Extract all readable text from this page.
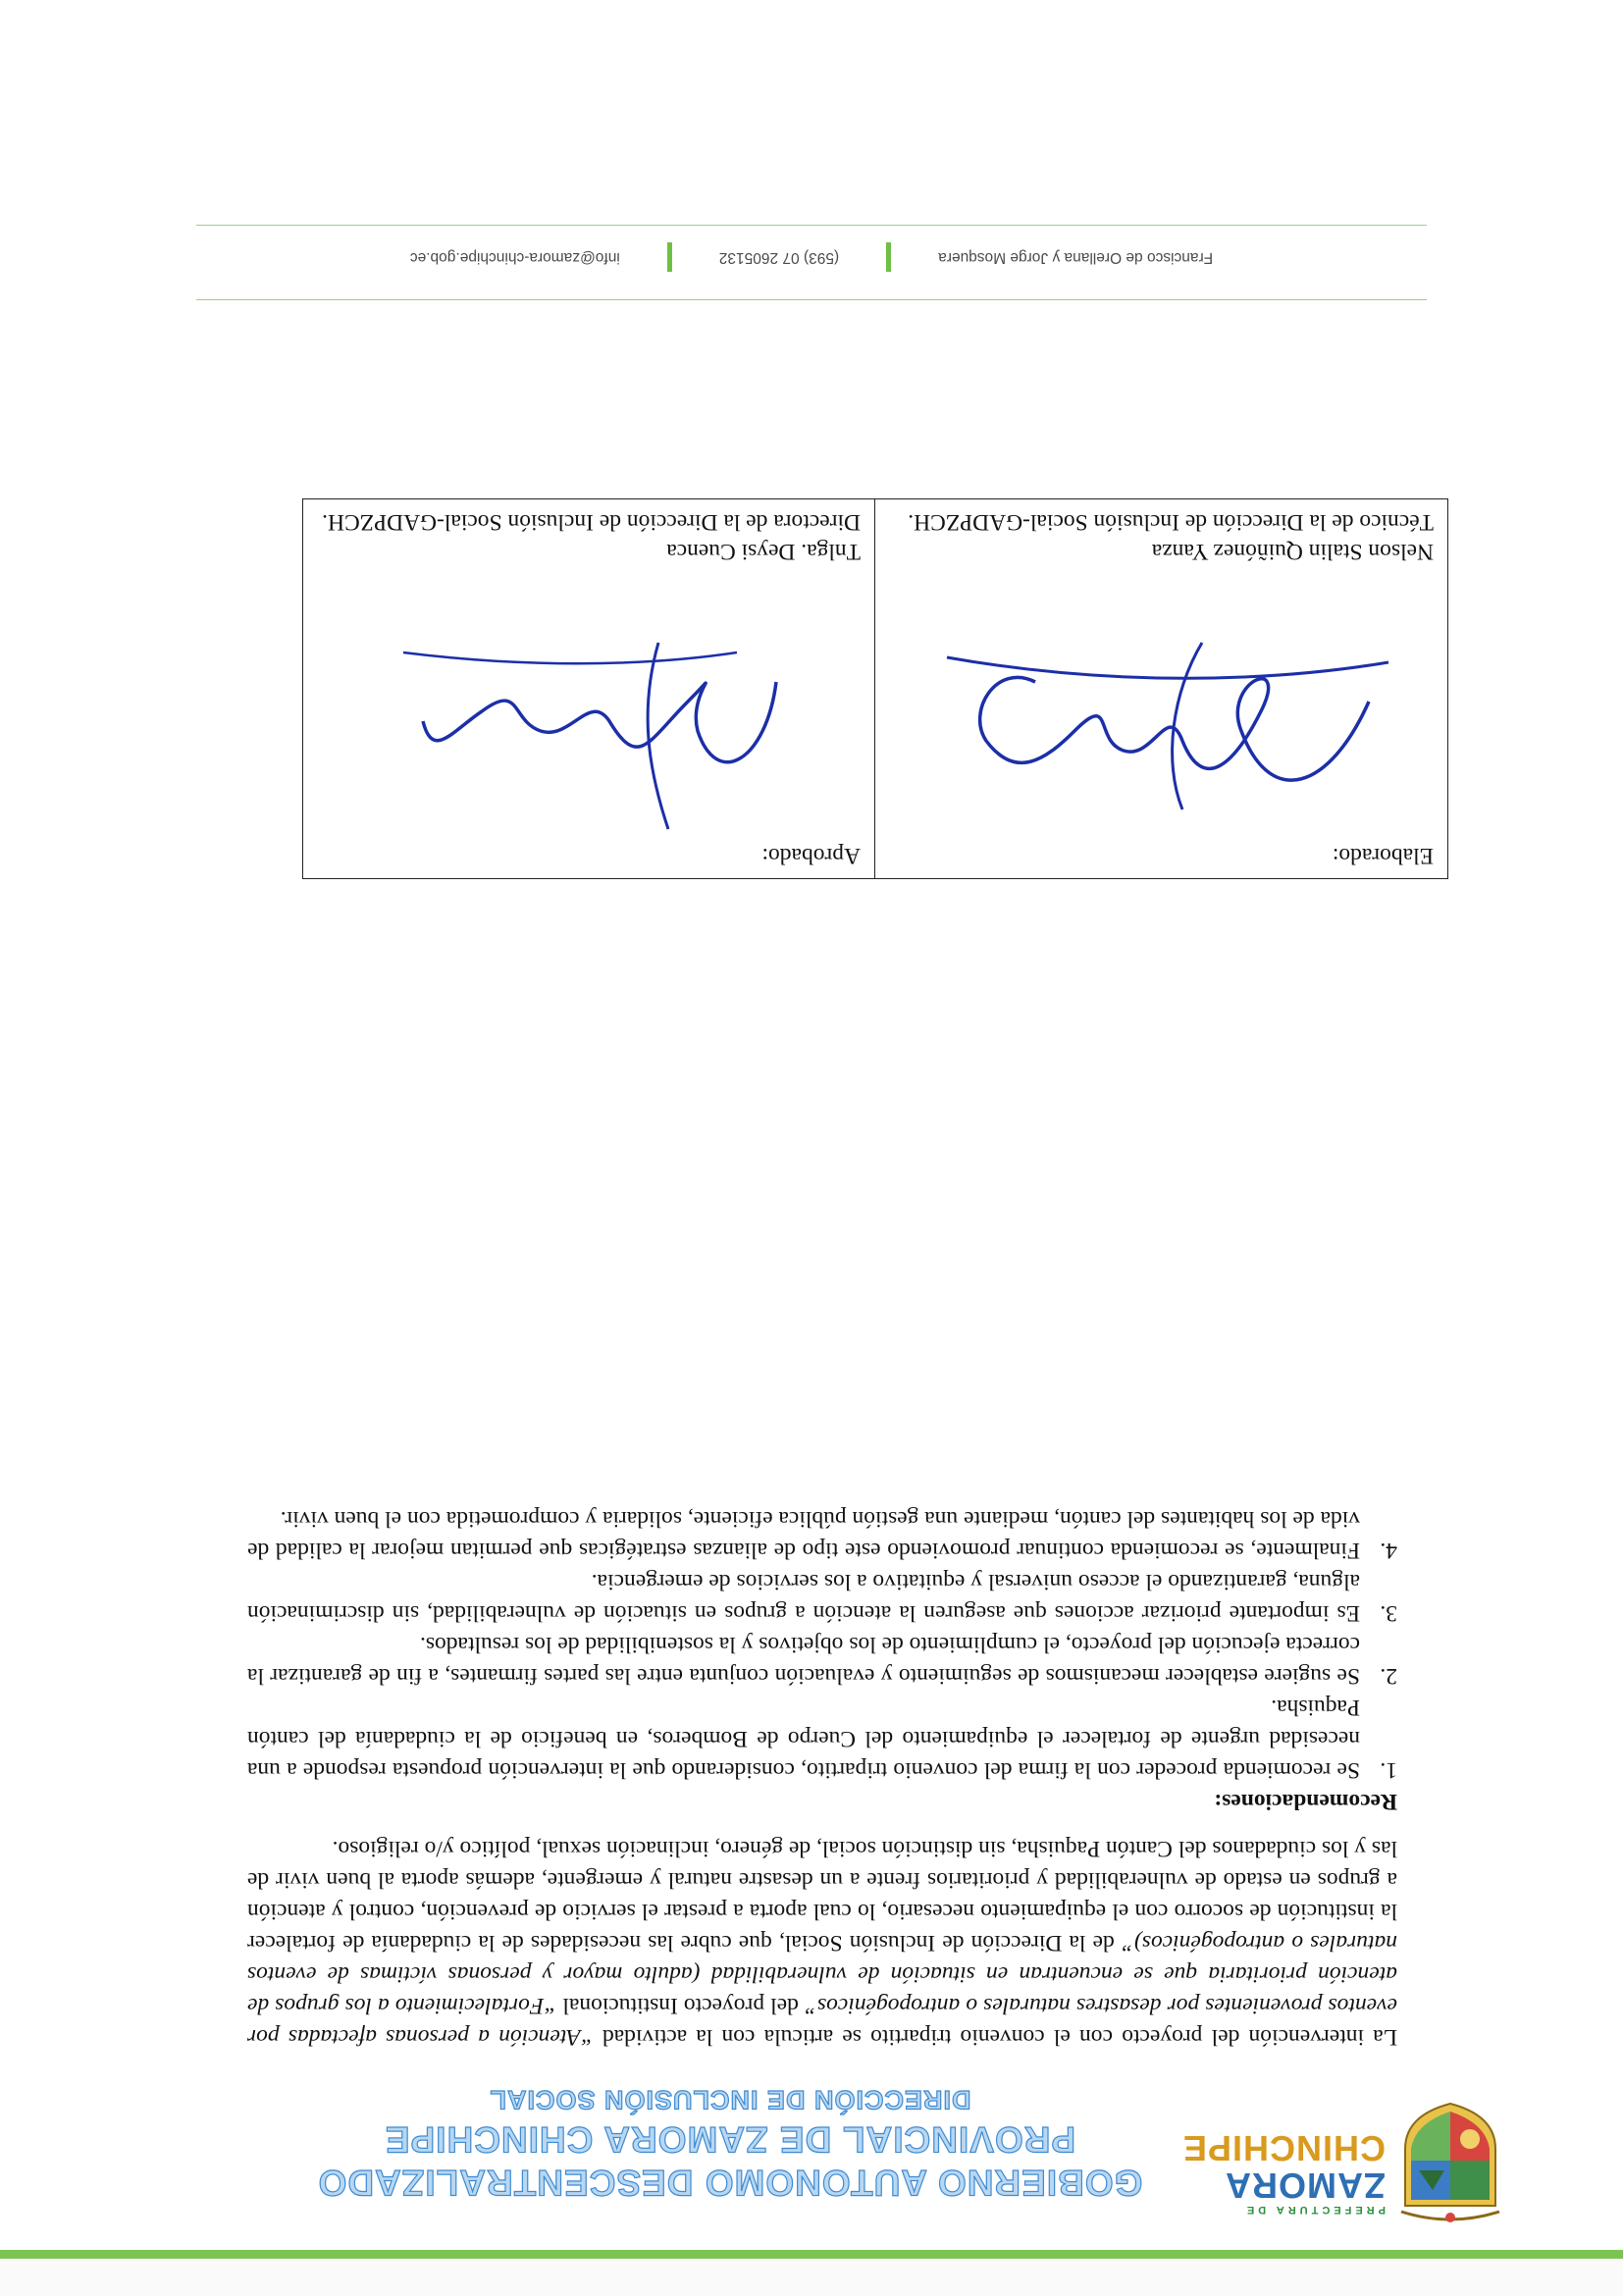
PREFECTURA DE
ZAMORA
CHINCHIPE
GOBIERNO AUTONOMO DESCENTRALIZADO
PROVINCIAL DE ZAMORA CHINCHIPE
DIRECCIÓN DE INCLUSIÓN SOCIAL

La intervención del proyecto con el convenio tripartito se articula con la actividad “Atención a personas afectadas por eventos provenientes por desastres naturales o antropogénicos” del proyecto Institucional “Fortalecimiento a los grupos de atención prioritaria que se encuentran en situación de vulnerabilidad (adulto mayor y personas víctimas de eventos naturales o antropogénicos)” de la Dirección de Inclusión Social, que cubre las necesidades de la ciudadanía de fortalecer la institución de socorro con el equipamiento necesario, lo cual aporta a prestar el servicio de prevención, control y atención a grupos en estado de vulnerabilidad y prioritarios frente a un desastre natural y emergente, además aporta al buen vivir de las y los ciudadanos del Cantón Paquisha, sin distinción social, de género, inclinación sexual, político y/o religioso.

Recomendaciones:

1.
Se recomienda proceder con la firma del convenio tripartito, considerando que la intervención propuesta responde a una necesidad urgente de fortalecer el equipamiento del Cuerpo de Bomberos, en beneficio de la ciudadanía del cantón Paquisha.
2.
Se sugiere establecer mecanismos de seguimiento y evaluación conjunta entre las partes firmantes, a fin de garantizar la correcta ejecución del proyecto, el cumplimiento de los objetivos y la sostenibilidad de los resultados.
3.
Es importante priorizar acciones que aseguren la atención a grupos en situación de vulnerabilidad, sin discriminación alguna, garantizando el acceso universal y equitativo a los servicios de emergencia.
4.
Finalmente, se recomienda continuar promoviendo este tipo de alianzas estratégicas que permitan mejorar la calidad de vida de los habitantes del cantón, mediante una gestión pública eficiente, solidaria y comprometida con el buen vivir.
Elaborado:
Nelson Stalin Quiñónez Yanza
Técnico de la Dirección de Inclusión Social-GADPZCH.
Aprobado:
Tnlga. Deysi Cuenca
Directora de la Dirección de Inclusión Social-GADPZCH.
Francisco de Orellana y Jorge Mosquera
(593) 07 2605132
info@zamora-chinchipe.gob.ec
